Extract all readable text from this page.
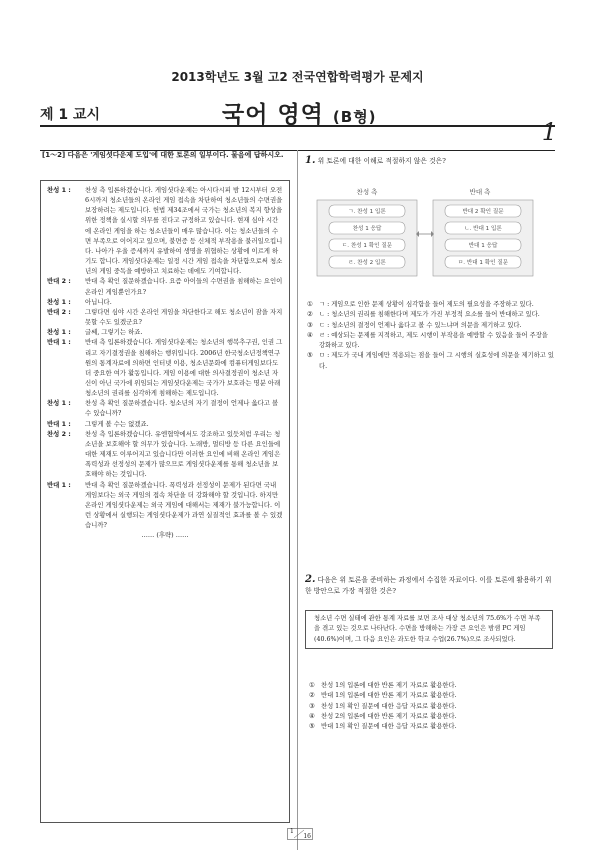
2013학년도 3월 고2 전국연합학력평가 문제지
제 1 교시	국어 영역 (B형)
1
[1～2] 다음은 '게임셧다운제 도입'에 대한 토론의 일부이다. 물음에 답하시오.
찬성 1 :	찬성 측 입론하겠습니다. 게임셧다운제는 아시다시피 밤 12시부터 오전 6시까지 청소년들의 온라인 게임 접속을 차단하여 청소년들의 수면권을 보장하려는 제도입니다. 헌법 제34조에서 국가는 청소년의 복지 향상을 위한 정책을 실시할 의무를 진다고 규정하고 있습니다. 현재 심야 시간에 온라인 게임을 하는 청소년들이 매우 많습니다. 이는 청소년들의 수면 부족으로 이어지고 있으며, 불면증 등 신체적 부작용을 불러일으킵니다. 나아가 우울 증세까지 유발하여 생명을 위협하는 상황에 이르게 하기도 합니다. 게임셧다운제는 일정 시간 게임 접속을 차단함으로써 청소년의 게임 중독을 예방하고 치료하는 데에도 기여합니다.
반대 2 :	반대 측 확인 질문하겠습니다. 요즘 아이들의 수면권을 침해하는 요인이 온라인 게임뿐인가요?
찬성 1 :	아닙니다.
반대 2 :	그렇다면 심야 시간 온라인 게임을 차단한다고 해도 청소년이 잠을 자지 못할 수도 있겠군요?
찬성 1 :	글쎄, 그렇기는 하죠.
반대 1 :	반대 측 입론하겠습니다. 게임셧다운제는 청소년의 행복추구권, 인권 그리고 자기결정권을 침해하는 행위입니다. 2006년 한국청소년정책연구원의 통계자료에 의하면 인터넷 이용, 청소년문화에 컴퓨터게임보다도 더 중요한 여가 활동입니다. 게임 이용에 대한 의사결정권이 청소년 자신이 아닌 국가에 위임되는 게임셧다운제는 국가가 보호라는 명분 아래 청소년의 권리를 심각하게 침해하는 제도입니다.
찬성 1 :	찬성 측 확인 질문하겠습니다. 청소년의 자기 결정이 언제나 옳다고 볼 수 있습니까?
반대 1 :	그렇게 볼 수는 없겠죠.
찬성 2 :	찬성 측 입론하겠습니다. 유엔협약에서도 강조하고 있듯처럼 우리는 청소년을 보호해야 할 의무가 있습니다. 노래방, 멀티방 등 다른 요인들에 대한 제재도 이루어지고 있습니다만 이러한 요인에 비해 온라인 게임은 폭력성과 선정성의 문제가 많으므로 게임셧다운제를 통해 청소년을 보호해야 하는 것입니다.
반대 1 :	반대 측 확인 질문하겠습니다. 폭력성과 선정성이 문제가 된다면 국내 게임보다는 외국 게임의 접속 차단을 더 강화해야 할 것입니다. 하지만 온라인 게임셧다운제는 외국 게임에 대해서는 제재가 불가능합니다. 이런 상황에서 실행되는 게임셧다운제가 과연 실질적인 효과를 볼 수 있겠습니까?
…… (후략) ……
1. 위 토론에 대한 이해로 적절하지 않은 것은?
찬성 측	반대 측
ㄱ. 찬성 1 입론
찬성 1 응답
ㄷ. 찬성 1 확인 질문
ㄹ. 찬성 2 입론
반대 2 확인 질문
ㄴ. 반대 1 입론
반대 1 응답
ㅁ. 반대 1 확인 질문
①	ㄱ : 게임으로 인한 문제 상황이 심각함을 들어 제도의 필요성을 주장하고 있다.
②	ㄴ : 청소년의 권리를 침해한다며 제도가 가진 부정적 요소를 들어 반대하고 있다.
③	ㄷ : 청소년의 결정이 언제나 옳다고 볼 수 있느냐며 의문을 제기하고 있다.
④	ㄹ : 예상되는 문제를 지적하고, 제도 시행이 부작용을 예방할 수 있음을 들어 주장을 강화하고 있다.
⑤	ㅁ : 제도가 국내 게임에만 적용되는 점을 들어 그 시행의 실효성에 의문을 제기하고 있다.
2. 다음은 위 토론을 준비하는 과정에서 수집한 자료이다. 이를 토론에 활용하기 위한 방안으로 가장 적절한 것은?
청소년 수면 실태에 관한 통계 자료를 보면 조사 대상 청소년의 75.6%가 수면 부족을 겪고 있는 것으로 나타난다. 수면을 방해하는 가장 큰 요인은 밤샘 PC 게임(40.6%)이며, 그 다음 요인은 과도한 학교 수업(26.7%)으로 조사되었다.
①	찬성 1의 입론에 대한 반론 제기 자료로 활용한다.
②	반대 1의 입론에 대한 반론 제기 자료로 활용한다.
③	찬성 1의 확인 질문에 대한 응답 자료로 활용한다.
④	찬성 2의 입론에 대한 반론 제기 자료로 활용한다.
⑤	반대 1의 확인 질문에 대한 응답 자료로 활용한다.
1
16
